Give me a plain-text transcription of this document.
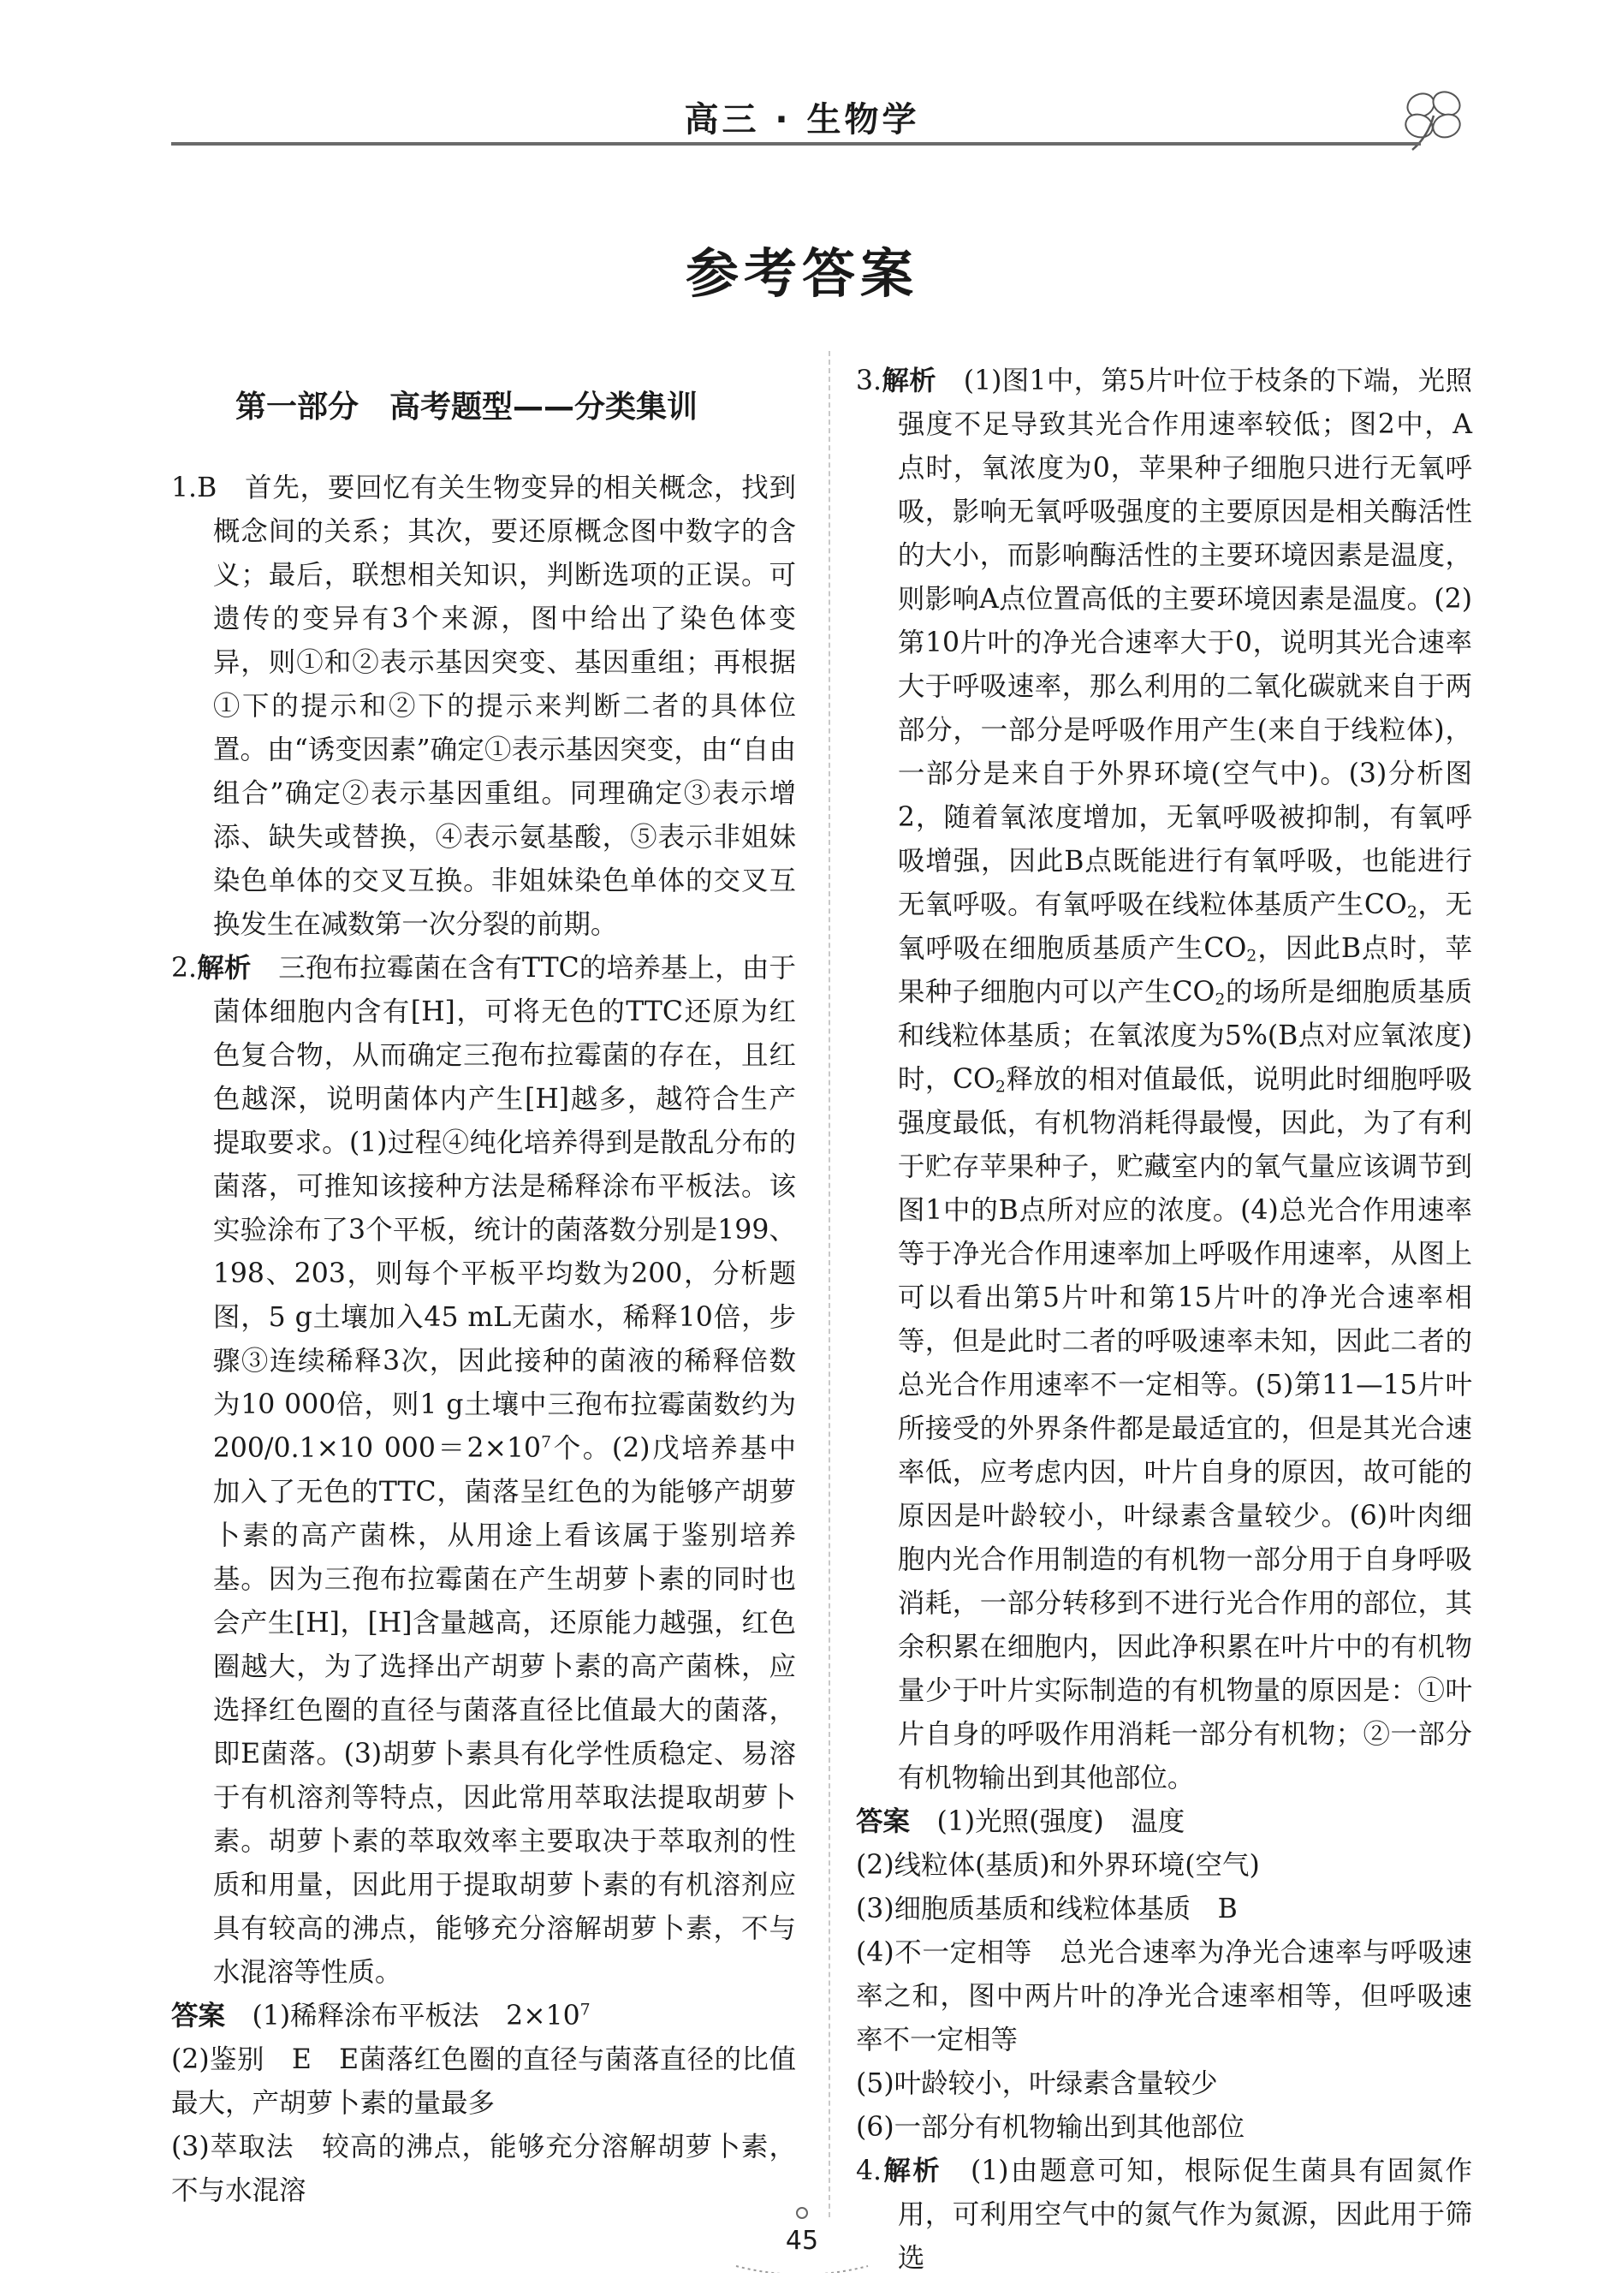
高三 · 生物学
参考答案
第一部分　高考题型——分类集训

1.B　 首先，要回忆有关生物变异的相关概念，找到概念间的关系；其次，要还原概念图中数字的含义；最后，联想相关知识，判断选项的正误。可遗传的变异有3个来源，图中给出了染色体变异，则①和②表示基因突变、基因重组；再根据①下的提示和②下的提示来判断二者的具体位置。由“诱变因素”确定①表示基因突变，由“自由组合”确定②表示基因重组。同理确定③表示增添、缺失或替换，④表示氨基酸，⑤表示非姐妹染色单体的交叉互换。非姐妹染色单体的交叉互换发生在减数第一次分裂的前期。

2.解析　 三孢布拉霉菌在含有TTC的培养基上，由于菌体细胞内含有[H]，可将无色的TTC还原为红色复合物，从而确定三孢布拉霉菌的存在，且红色越深，说明菌体内产生[H]越多，越符合生产提取要求。(1)过程④纯化培养得到是散乱分布的菌落，可推知该接种方法是稀释涂布平板法。该实验涂布了3个平板，统计的菌落数分别是199、198、203，则每个平板平均数为200，分析题图，5 g土壤加入45 mL无菌水，稀释10倍，步骤③连续稀释3次，因此接种的菌液的稀释倍数为10 000倍，则1 g土壤中三孢布拉霉菌数约为200/0.1×10 $000=2\times 10^7$个。(2)戊培养基中加入了无色的TTC，菌落呈红色的为能够产胡萝卜素的高产菌株，从用途上看该属于鉴别培养基。因为三孢布拉霉菌在产生胡萝卜素的同时也会产生[H]，[H]含量越高，还原能力越强，红色圈越大，为了选择出产胡萝卜素的高产菌株，应选择红色圈的直径与菌落直径比值最大的菌落，即E菌落。(3)胡萝卜素具有化学性质稳定、易溶于有机溶剂等特点，因此常用萃取法提取胡萝卜素。胡萝卜素的萃取效率主要取决于萃取剂的性质和用量，因此用于提取胡萝卜素的有机溶剂应具有较高的沸点，能够充分溶解胡萝卜素，不与水混溶等性质。

答案　 (1)稀释涂布平板法　$2\times 10^7$

(2)鉴别　E　E菌落红色圈的直径与菌落直径的比值最大，产胡萝卜素的量最多

(3)萃取法　较高的沸点，能够充分溶解胡萝卜素，不与水混溶

3.解析　 (1)图1中，第5片叶位于枝条的下端，光照强度不足导致其光合作用速率较低；图2中，A点时，氧浓度为0，苹果种子细胞只进行无氧呼吸，影响无氧呼吸强度的主要原因是相关酶活性的大小，而影响酶活性的主要环境因素是温度，则影响A点位置高低的主要环境因素是温度。(2)第10片叶的净光合速率大于0，说明其光合速率大于呼吸速率，那么利用的二氧化碳就来自于两部分，一部分是呼吸作用产生(来自于线粒体)，一部分是来自于外界环境(空气中)。(3)分析图2，随着氧浓度增加，无氧呼吸被抑制，有氧呼吸增强，因此B点既能进行有氧呼吸，也能进行无氧呼吸。有氧呼吸在线粒体基质产生$CO_2$，无氧呼吸在细胞质基质产生$CO_2$，因此B点时，苹果种子细胞内可以产生$CO_2$的场所是细胞质基质和线粒体基质；在氧浓度为5%(B点对应氧浓度)时，$CO_2$释放的相对值最低，说明此时细胞呼吸强度最低，有机物消耗得最慢，因此，为了有利于贮存苹果种子，贮藏室内的氧气量应该调节到图1中的B点所对应的浓度。(4)总光合作用速率等于净光合作用速率加上呼吸作用速率，从图上可以看出第5片叶和第15片叶的净光合速率相等，但是此时二者的呼吸速率未知，因此二者的总光合作用速率不一定相等。(5)第11—15片叶所接受的外界条件都是最适宜的，但是其光合速率低，应考虑内因，叶片自身的原因，故可能的原因是叶龄较小，叶绿素含量较少。(6)叶肉细胞内光合作用制造的有机物一部分用于自身呼吸消耗，一部分转移到不进行光合作用的部位，其余积累在细胞内，因此净积累在叶片中的有机物量少于叶片实际制造的有机物量的原因是：①叶片自身的呼吸作用消耗一部分有机物；②一部分有机物输出到其他部位。

答案　 (1)光照(强度)　温度

(2)线粒体(基质)和外界环境(空气)

(3)细胞质基质和线粒体基质　B

(4)不一定相等　总光合速率为净光合速率与呼吸速率之和，图中两片叶的净光合速率相等，但呼吸速率不一定相等

(5)叶龄较小，叶绿素含量较少

(6)一部分有机物输出到其他部位

4.解析　 (1)由题意可知，根际促生菌具有固氮作用，可利用空气中的氮气作为氮源，因此用于筛选

45
